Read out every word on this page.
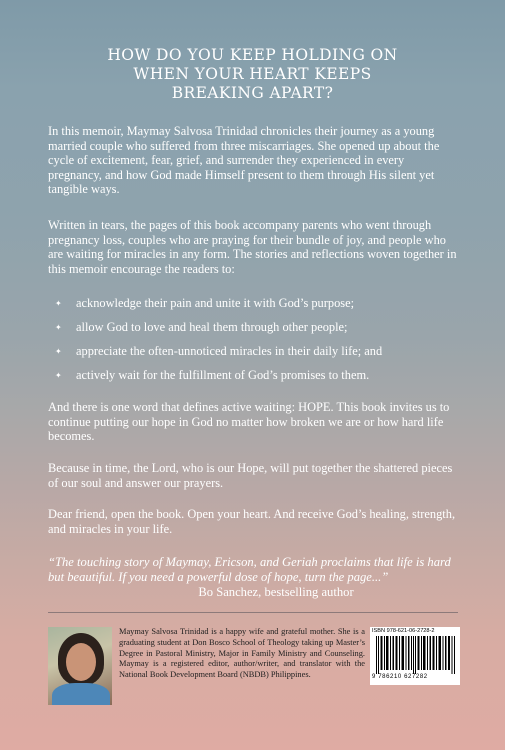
HOW DO YOU KEEP HOLDING ON
WHEN YOUR HEART KEEPS
BREAKING APART?

In this memoir, Maymay Salvosa Trinidad chronicles their journey as a young married couple who suffered from three miscarriages. She opened up about the cycle of excitement, fear, grief, and surrender they experienced in every pregnancy, and how God made Himself present to them through His silent yet tangible ways.

Written in tears, the pages of this book accompany parents who went through pregnancy loss, couples who are praying for their bundle of joy, and people who are waiting for miracles in any form. The stories and reflections woven together in this memoir encourage the readers to:

✦ acknowledge their pain and unite it with God’s purpose;
✦ allow God to love and heal them through other people;
✦ appreciate the often-unnoticed miracles in their daily life; and
✦ actively wait for the fulfillment of God’s promises to them.

And there is one word that defines active waiting: HOPE. This book invites us to continue putting our hope in God no matter how broken we are or how hard life becomes.

Because in time, the Lord, who is our Hope, will put together the shattered pieces of our soul and answer our prayers.

Dear friend, open the book. Open your heart. And receive God’s healing, strength, and miracles in your life.

“The touching story of Maymay, Ericson, and Geriah proclaims that life is hard but beautiful. If you need a powerful dose of hope, turn the page...”

Bo Sanchez, bestselling author

Maymay Salvosa Trinidad is a happy wife and grateful mother. She is a graduating student at Don Bosco School of Theology taking up Master’s Degree in Pastoral Ministry, Major in Family Ministry and Counseling. Maymay is a registered editor, author/writer, and translator with the National Book Development Board (NBDB) Philippines.

ISBN 978-621-06-2728-2
9 786210 627282
